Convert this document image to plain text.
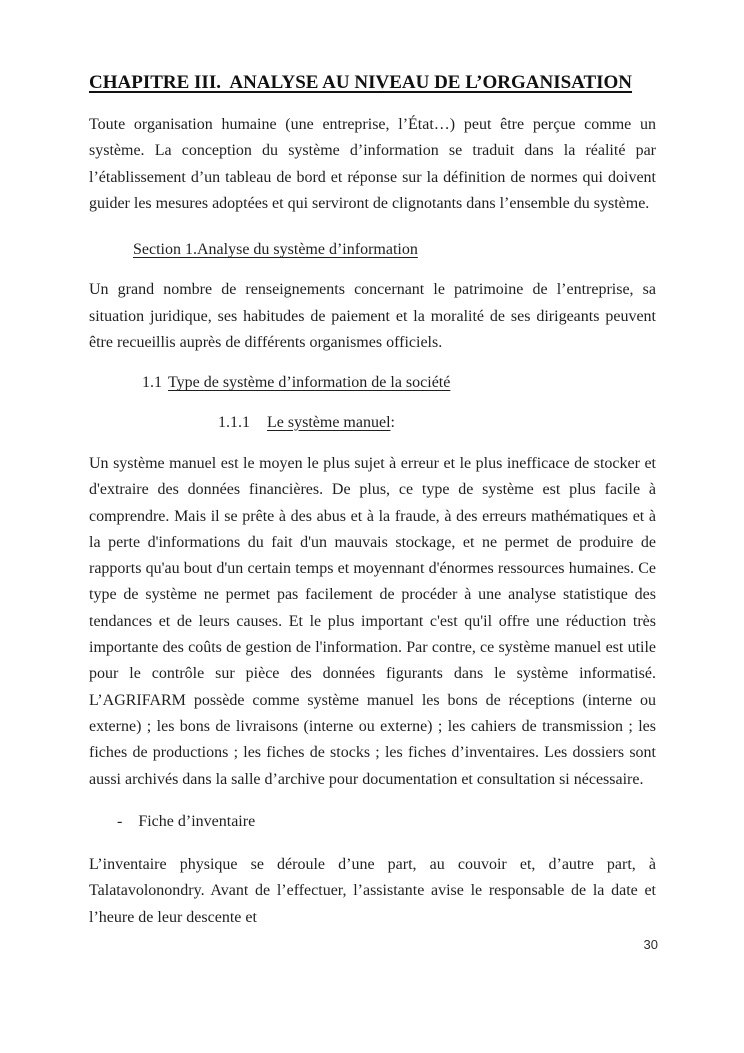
CHAPITRE III.  ANALYSE AU NIVEAU DE L’ORGANISATION

Toute organisation humaine (une entreprise, l’État…) peut être perçue comme un système. La conception du système d’information se traduit dans la réalité par l’établissement d’un tableau de bord et réponse sur la définition de normes qui doivent guider les mesures adoptées et qui serviront de clignotants dans l’ensemble du système.

Section 1.Analyse du système d’information

Un grand nombre de renseignements concernant le patrimoine de l’entreprise, sa situation juridique, ses habitudes de paiement et la moralité de ses dirigeants peuvent être recueillis auprès de différents organismes officiels.

1.1 Type de système d’information de la société
1.1.1 Le système manuel:

Un système manuel est le moyen le plus sujet à erreur et le plus inefficace de stocker et d'extraire des données financières. De plus, ce type de système est plus facile à comprendre. Mais il se prête à des abus et à la fraude, à des erreurs mathématiques et à la perte d'informations du fait d'un mauvais stockage, et ne permet de produire de rapports qu'au bout d'un certain temps et moyennant d'énormes ressources humaines. Ce type de système ne permet pas facilement de procéder à une analyse statistique des tendances et de leurs causes. Et le plus important c'est qu'il offre une réduction très importante des coûts de gestion de l'information. Par contre, ce système manuel est utile pour le contrôle sur pièce des données figurants dans le système informatisé. L’AGRIFARM possède comme système manuel les bons de réceptions (interne ou externe) ; les bons de livraisons (interne ou externe) ; les cahiers de transmission ; les fiches de productions ; les fiches de stocks ; les fiches d’inventaires. Les dossiers sont aussi archivés dans la salle d’archive pour documentation et consultation si nécessaire.

- Fiche d’inventaire

L’inventaire physique se déroule d’une part, au couvoir et, d’autre part, à Talatavolonondry. Avant de l’effectuer, l’assistante avise le responsable de la date et l’heure de leur descente et

30
